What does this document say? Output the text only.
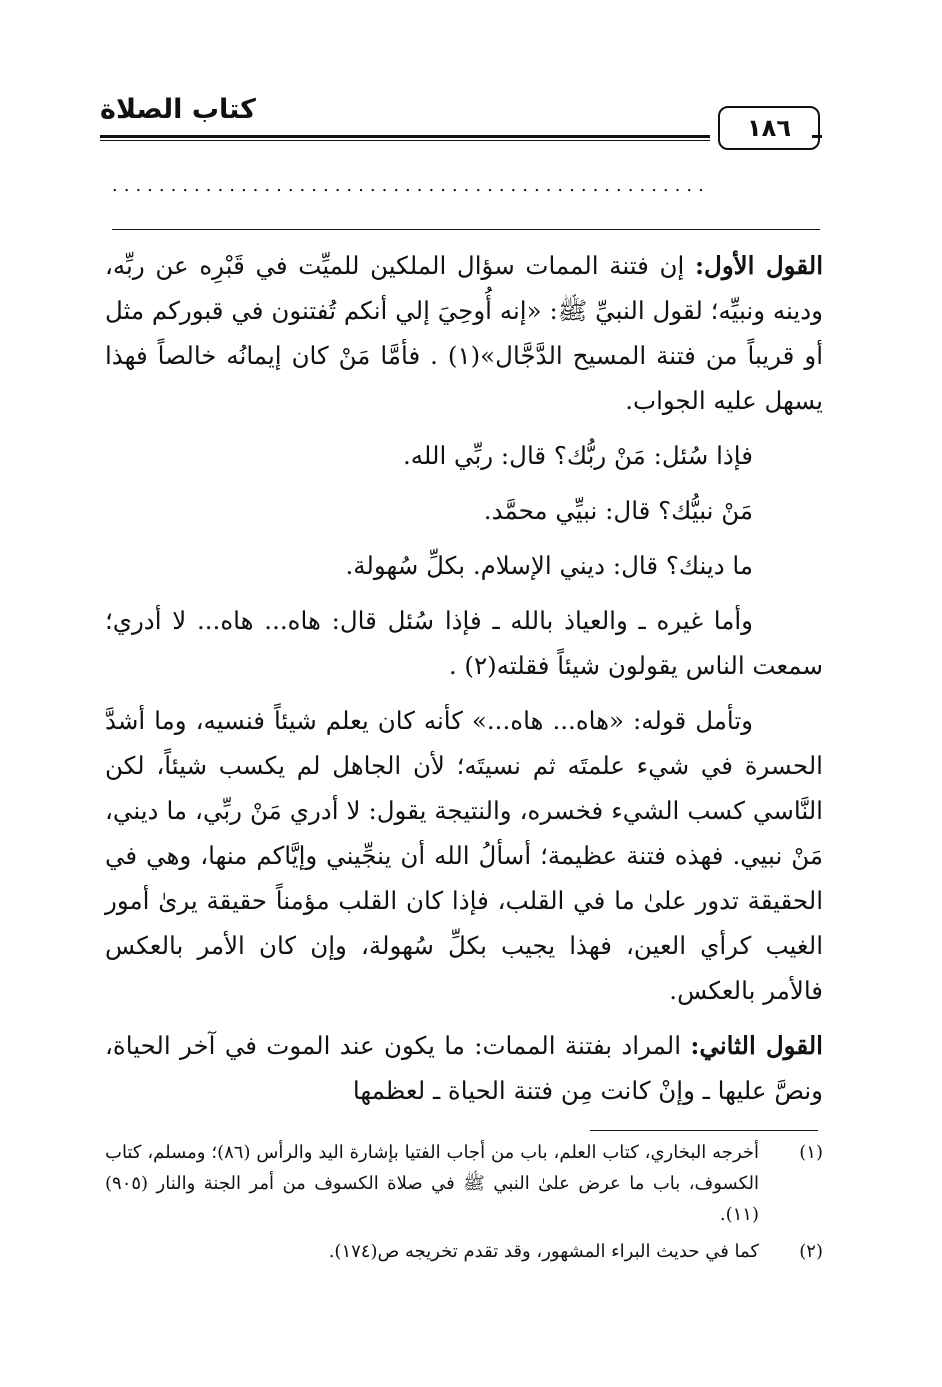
كتاب الصلاة
١٨٦
...................................................

القول الأول: إن فتنة الممات سؤال الملكين للميِّت في قَبْرِه عن ربِّه، ودينه ونبيِّه؛ لقول النبيِّ ﷺ: «إنه أُوحِيَ إلي أنكم تُفتنون في قبوركم مثل أو قريباً من فتنة المسيح الدَّجَّال»(١) . فأمَّا مَنْ كان إيمانُه خالصاً فهذا يسهل عليه الجواب.

فإذا سُئل: مَنْ ربُّك؟ قال: ربِّي الله.

مَنْ نبيُّك؟ قال: نبيِّي محمَّد.

ما دينك؟ قال: ديني الإسلام. بكلِّ سُهولة.

وأما غيره ـ والعياذ بالله ـ فإذا سُئل قال: هاه... هاه... لا أدري؛ سمعت الناس يقولون شيئاً فقلته(٢) .

وتأمل قوله: «هاه... هاه...» كأنه كان يعلم شيئاً فنسيه، وما أشدَّ الحسرة في شيء علمتَه ثم نسيتَه؛ لأن الجاهل لم يكسب شيئاً، لكن النَّاسي كسب الشيء فخسره، والنتيجة يقول: لا أدري مَنْ ربِّي، ما ديني، مَنْ نبيي. فهذه فتنة عظيمة؛ أسألُ الله أن ينجِّيني وإيَّاكم منها، وهي في الحقيقة تدور علىٰ ما في القلب، فإذا كان القلب مؤمناً حقيقة يرىٰ أمور الغيب كرأي العين، فهذا يجيب بكلِّ سُهولة، وإن كان الأمر بالعكس فالأمر بالعكس.

القول الثاني: المراد بفتنة الممات: ما يكون عند الموت في آخر الحياة، ونصَّ عليها ـ وإنْ كانت مِن فتنة الحياة ـ لعظمها

(١)
أخرجه البخاري، كتاب العلم، باب من أجاب الفتيا بإشارة اليد والرأس (٨٦)؛ ومسلم، كتاب الكسوف، باب ما عرض علىٰ النبي ﷺ في صلاة الكسوف من أمر الجنة والنار (٩٠٥) (١١).
(٢)
كما في حديث البراء المشهور، وقد تقدم تخريجه ص(١٧٤).
